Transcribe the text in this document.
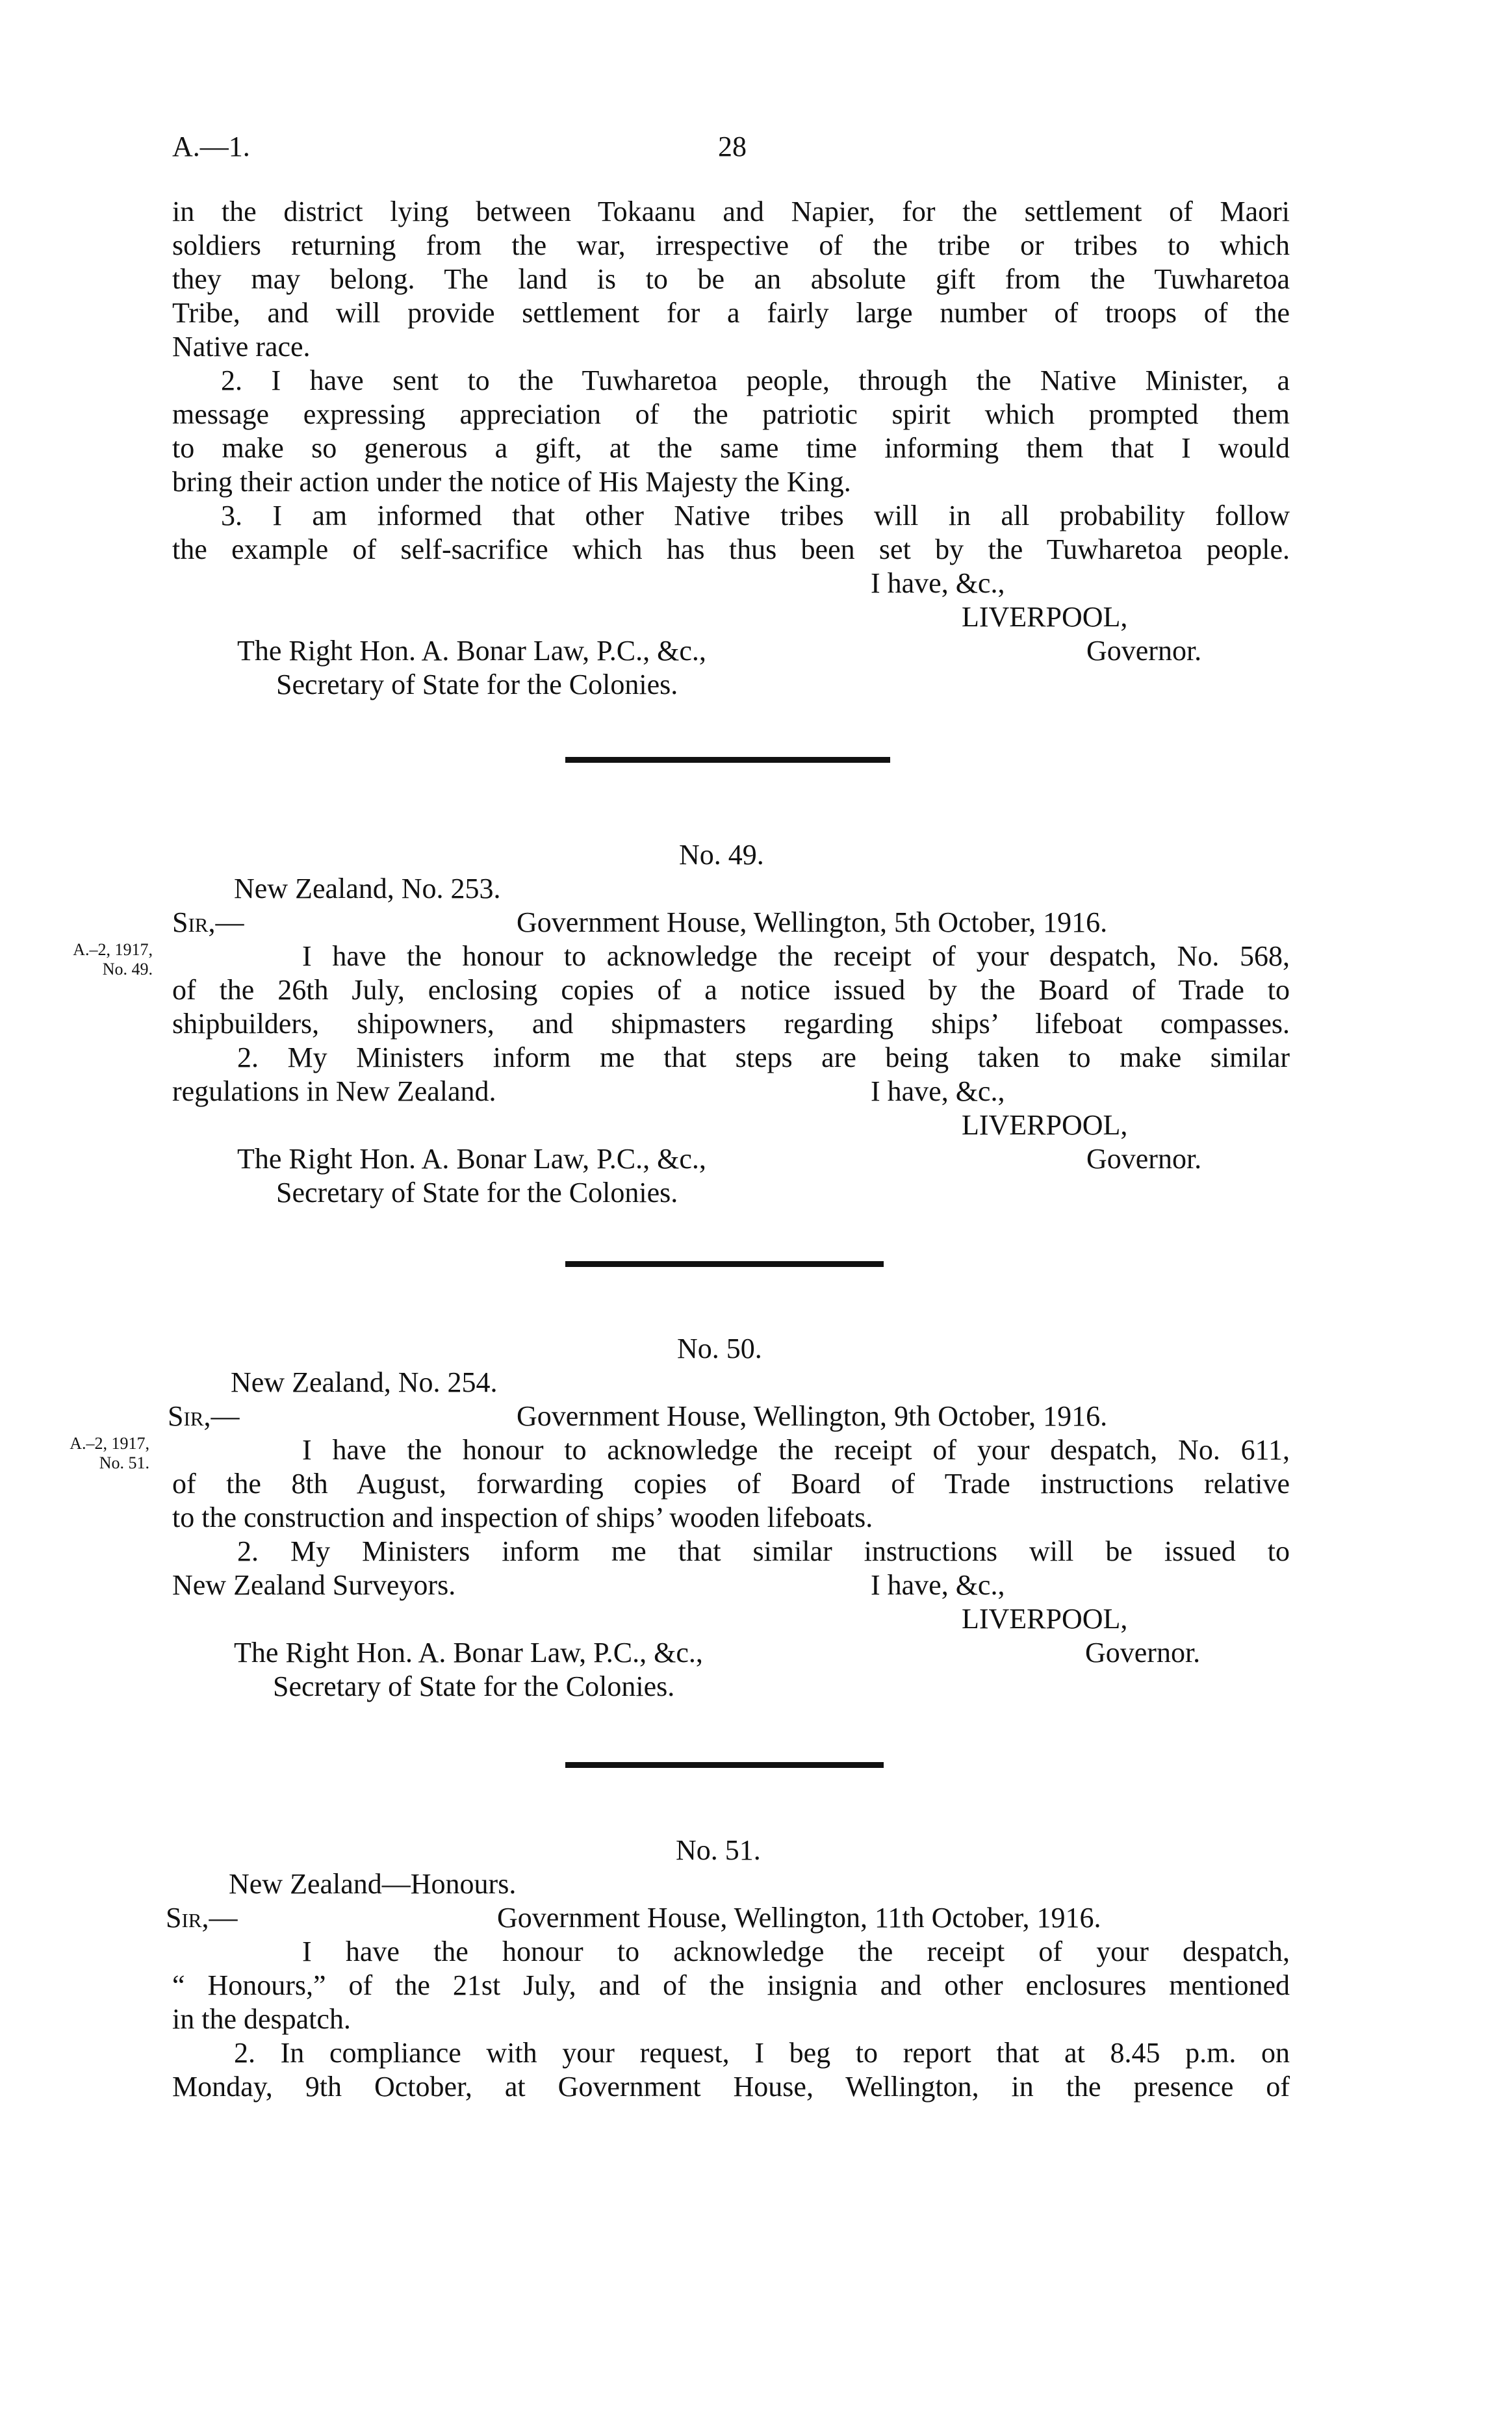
A.—1.	28
in the district lying between Tokaanu and Napier, for the settlement of Maori
soldiers returning from the war, irrespective of the tribe or tribes to which
they may belong. The land is to be an absolute gift from the Tuwharetoa
Tribe, and will provide settlement for a fairly large number of troops of the
Native race.
2. I have sent to the Tuwharetoa people, through the Native Minister, a
message expressing appreciation of the patriotic spirit which prompted them
to make so generous a gift, at the same time informing them that I would
bring their action under the notice of His Majesty the King.
3. I am informed that other Native tribes will in all probability follow
the example of self-sacrifice which has thus been set by the Tuwharetoa people.
I have, &c.,
LIVERPOOL,
The Right Hon. A. Bonar Law, P.C., &c.,	Governor.
Secretary of State for the Colonies.
No. 49.
New Zealand, No. 253.
Sir,—	Government House, Wellington, 5th October, 1916.
A.–2, 1917,
No. 49.	I have the honour to acknowledge the receipt of your despatch, No. 568,
of the 26th July, enclosing copies of a notice issued by the Board of Trade to
shipbuilders, shipowners, and shipmasters regarding ships’ lifeboat compasses.
2. My Ministers inform me that steps are being taken to make similar
regulations in New Zealand.	I have, &c.,
LIVERPOOL,
The Right Hon. A. Bonar Law, P.C., &c.,	Governor.
Secretary of State for the Colonies.
No. 50.
New Zealand, No. 254.
Sir,—	Government House, Wellington, 9th October, 1916.
A.–2, 1917,
No. 51.	I have the honour to acknowledge the receipt of your despatch, No. 611,
of the 8th August, forwarding copies of Board of Trade instructions relative
to the construction and inspection of ships’ wooden lifeboats.
2. My Ministers inform me that similar instructions will be issued to
New Zealand Surveyors.	I have, &c.,
LIVERPOOL,
The Right Hon. A. Bonar Law, P.C., &c.,	Governor.
Secretary of State for the Colonies.
No. 51.
New Zealand—Honours.
Sir,—	Government House, Wellington, 11th October, 1916.
I have the honour to acknowledge the receipt of your despatch,
“ Honours,” of the 21st July, and of the insignia and other enclosures mentioned
in the despatch.
2. In compliance with your request, I beg to report that at 8.45 p.m. on
Monday, 9th October, at Government House, Wellington, in the presence of
